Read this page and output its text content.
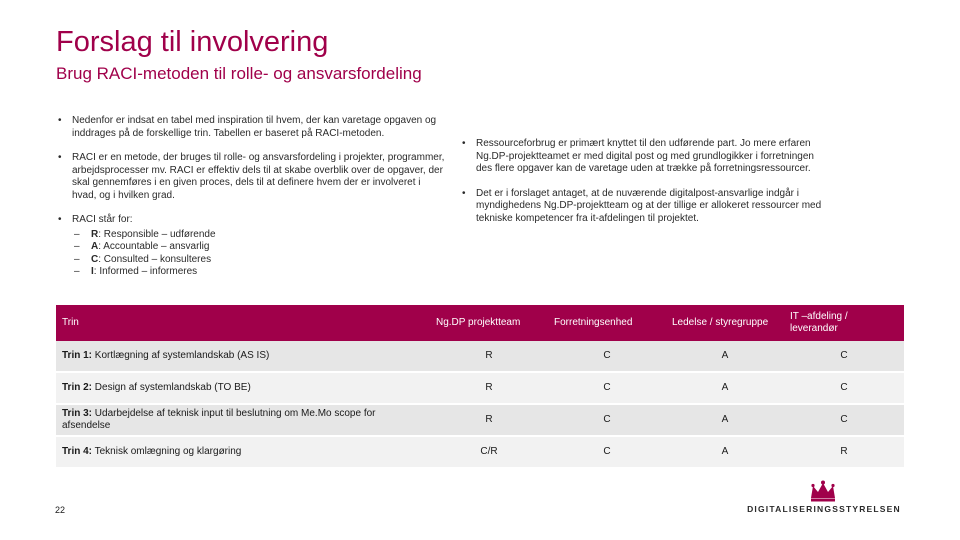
Forslag til involvering
Brug RACI-metoden til rolle- og ansvarsfordeling
• Nedenfor er indsat en tabel med inspiration til hvem, der kan varetage opgaven og inddrages på de forskellige trin. Tabellen er baseret på RACI-metoden.
• RACI er en metode, der bruges til rolle- og ansvarsfordeling i projekter, programmer, arbejdsprocesser mv. RACI er effektiv dels til at skabe overblik over de opgaver, der skal gennemføres i en given proces, dels til at definere hvem der er involveret i hvad, og i hvilken grad.
• RACI står for:
– R: Responsible – udførende
– A: Accountable – ansvarlig
– C: Consulted – konsulteres
– I: Informed – informeres
• Ressourceforbrug er primært knyttet til den udførende part. Jo mere erfaren Ng.DP-projektteamet er med digital post og med grundlogikker i forretningen des flere opgaver kan de varetage uden at trække på forretningsressourcer.
• Det er i forslaget antaget, at de nuværende digitalpost-ansvarlige indgår i myndighedens Ng.DP-projektteam og at der tillige er allokeret ressourcer med tekniske kompetencer fra it-afdelingen til projektet.
Trin	Ng.DP projektteam	Forretningsenhed	Ledelse / styregruppe	IT –afdeling / leverandør
Trin 1: Kortlægning af systemlandskab (AS IS)	R	C	A	C
Trin 2: Design af systemlandskab (TO BE)	R	C	A	C
Trin 3: Udarbejdelse af teknisk input til beslutning om Me.Mo scope for afsendelse	R	C	A	C
Trin 4: Teknisk omlægning og klargøring	C/R	C	A	R
22	DIGITALISERINGSSTYRELSEN
